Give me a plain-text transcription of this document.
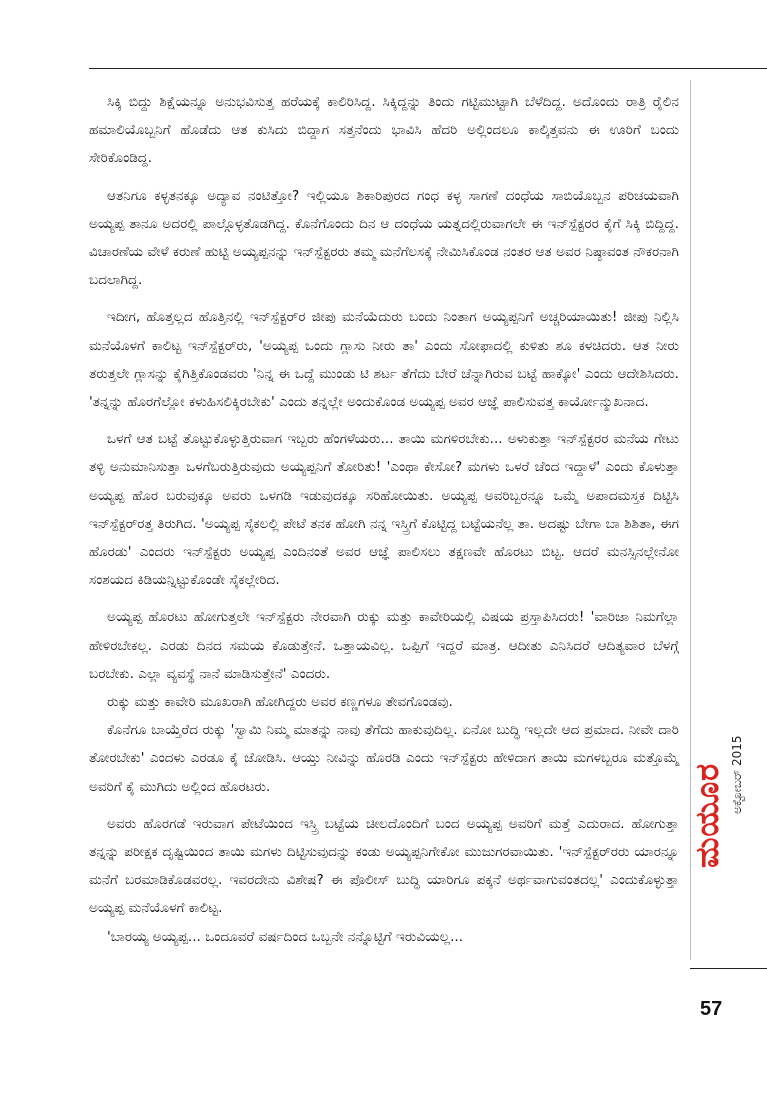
ಸಿಕ್ಕಿ ಬಿದ್ದು ಶಿಕ್ಷೆಯನ್ನೂ ಅನುಭವಿಸುತ್ತ ಹರೆಯಕ್ಕೆ ಕಾಲಿರಿಸಿದ್ದ. ಸಿಕ್ಕಿದ್ದನ್ನು ತಿಂದು ಗಟ್ಟಿಮುಟ್ಟಾಗಿ ಬೆಳೆದಿದ್ದ. ಅದೊಂದು ರಾತ್ರಿ ರೈಲಿನ ಹಮಾಲಿಯೊಬ್ಬನಿಗೆ ಹೊಡೆದು ಆತ ಕುಸಿದು ಬಿದ್ದಾಗ ಸತ್ತನೆಂದು ಭಾವಿಸಿ ಹೆದರಿ ಅಲ್ಲಿಂದಲೂ ಕಾಲ್ಕಿತ್ತವನು ಈ ಊರಿಗೆ ಬಂದು ಸೇರಿಕೊಂಡಿದ್ದ.

ಆತನಿಗೂ ಕಳ್ಳತನಕ್ಕೂ ಅದ್ಯಾವ ನಂಟಿತ್ತೋ? ಇಲ್ಲಿಯೂ ಶಿಕಾರಿಪುರದ ಗಂಧ ಕಳ್ಳ ಸಾಗಣೆ ದಂಧೆಯ ಸಾಬಿಯೊಬ್ಬನ ಪರಿಚಯವಾಗಿ ಅಯ್ಯಪ್ಪ ತಾನೂ ಅದರಲ್ಲಿ ಪಾಲ್ಗೊಳ್ಳತೊಡಗಿದ್ದ. ಕೊನೆಗೊಂದು ದಿನ ಆ ದಂಧೆಯ ಯತ್ನದಲ್ಲಿರುವಾಗಲೇ ಈ ಇನ್‌ಸ್ಪೆಕ್ಟರರ ಕೈಗೆ ಸಿಕ್ಕಿ ಬಿದ್ದಿದ್ದ. ವಿಚಾರಣೆಯ ವೇಳೆ ಕರುಣೆ ಹುಟ್ಟಿ ಅಯ್ಯಪ್ಪನನ್ನು ಇನ್‌ಸ್ಪೆಕ್ಟರರು ತಮ್ಮ ಮನೆಗೆಲಸಕ್ಕೆ ನೇಮಿಸಿಕೊಂಡ ನಂತರ ಆತ ಅವರ ನಿಷ್ಠಾವಂತ ನೌಕರನಾಗಿ ಬದಲಾಗಿದ್ದ.

ಇದೀಗ, ಹೊತ್ತಲ್ಲದ ಹೊತ್ತಿನಲ್ಲಿ ಇನ್‌ಸ್ಪೆಕ್ಟರ್‌ರ ಜೀಪು ಮನೆಯೆದುರು ಬಂದು ನಿಂತಾಗ ಅಯ್ಯಪ್ಪನಿಗೆ ಅಚ್ಚರಿಯಾಯಿತು! ಜೀಪು ನಿಲ್ಲಿಸಿ ಮನೆಯೊಳಗೆ ಕಾಲಿಟ್ಟ ಇನ್‌ಸ್ಪೆಕ್ಟರ್‌ರು, 'ಅಯ್ಯಪ್ಪ ಒಂದು ಗ್ಲಾಸು ನೀರು ತಾ' ಎಂದು ಸೋಫಾದಲ್ಲಿ ಕುಳಿತು ಶೂ ಕಳಚಿದರು. ಆತ ನೀರು ತರುತ್ತಲೇ ಗ್ಲಾಸನ್ನು ಕೈಗಿತ್ತಿಕೊಂಡವರು 'ನಿನ್ನ ಈ ಒದ್ದೆ ಮುಂಡು ಟಿ ಶರ್ಟ ತೆಗೆದು ಬೇರೆ ಚೆನ್ನಾಗಿರುವ ಬಟ್ಟೆ ಹಾಕ್ಕೋ' ಎಂದು ಆದೇಶಿಸಿದರು. 'ತನ್ನನ್ನು ಹೊರಗೆಲ್ಲೋ ಕಳುಹಿಸಲಿಕ್ಕಿರಬೇಕು' ಎಂದು ತನ್ನಲ್ಲೇ ಅಂದುಕೊಂಡ ಅಯ್ಯಪ್ಪ ಅವರ ಆಜ್ಞೆ ಪಾಲಿಸುವತ್ತ ಕಾರ್ಯೋನ್ಮುಖನಾದ.

ಒಳಗೆ ಆತ ಬಟ್ಟೆ ತೊಟ್ಟುಕೊಳ್ಳುತ್ತಿರುವಾಗ ಇಬ್ಬರು ಹೆಂಗಳೆಯರು... ತಾಯಿ ಮಗಳಿರಬೇಕು... ಅಳುಕುತ್ತಾ ಇನ್‌ಸ್ಪೆಕ್ಟರರ ಮನೆಯ ಗೇಟು ತಳ್ಳಿ ಅನುಮಾನಿಸುತ್ತಾ ಒಳಗೆಬರುತ್ತಿರುವುದು ಅಯ್ಯಪ್ಪನಿಗೆ ತೋರಿತು! 'ಎಂಥಾ ಕೇಸೋ? ಮಗಳು ಒಳರೆ ಚೆಂದ ಇದ್ದಾಳೆ' ಎಂದು ಕೊಳುತ್ತಾ ಅಯ್ಯಪ್ಪ ಹೊರ ಬರುವುಕ್ಕೂ ಅವರು ಒಳಗಡಿ ಇಡುವುದಕ್ಕೂ ಸರಿಹೋಯಿತು. ಅಯ್ಯಪ್ಪ ಅವರಿಬ್ಬರನ್ನೂ ಒಮ್ಮೆ ಅಪಾದಮಸ್ತಕ ದಿಟ್ಟಿಸಿ ಇನ್‌ಸ್ಪೆಕ್ಟರ್‌ರತ್ತ ತಿರುಗಿದ. 'ಅಯ್ಯಪ್ಪ ಸೈಕಲಲ್ಲಿ ಪೇಟೆ ತನಕ ಹೋಗಿ ನನ್ನ ಇಸ್ತ್ರಿಗೆ ಕೊಟ್ಟಿದ್ದ ಬಟ್ಟೆಯನೆಲ್ಲ ತಾ. ಅದಷ್ಟು ಬೇಗಾ ಬಾ ಶಿಶಿತಾ, ಈಗ ಹೊರಡು' ಎಂದರು ಇನ್‌ಸ್ಪೆಕ್ಟರು ಅಯ್ಯಪ್ಪ ಎಂದಿನಂತೆ ಅವರ ಆಜ್ಞೆ ಪಾಲಿಸಲು ತಕ್ಷಣವೇ ಹೊರಟು ಬಿಟ್ಟ. ಆದರೆ ಮನಸ್ಸಿನಲ್ಲೇನೋ ಸಂಶಯದ ಕಿಡಿಯನ್ನಿಟ್ಟುಕೊಂಡೇ ಸೈಕಲ್ಲೇರಿದ.

ಅಯ್ಯಪ್ಪ ಹೊರಟು ಹೋಗುತ್ತಲೇ ಇನ್‌ಸ್ಪೆಕ್ಟರು ನೇರವಾಗಿ ರುಕ್ಕು ಮತ್ತು ಕಾವೇರಿಯಲ್ಲಿ ವಿಷಯ ಪ್ರಸ್ತಾಪಿಸಿದರು! 'ವಾರಿಜಾ ನಿಮಗೆಲ್ಲಾ ಹೇಳಿರಬೇಕಲ್ಲ. ಎರಡು ದಿನದ ಸಮಯ ಕೊಡುತ್ತೇನೆ. ಒತ್ತಾಯವಿಲ್ಲ. ಒಪ್ಪಿಗೆ ಇದ್ದರೆ ಮಾತ್ರ. ಆದೀತು ಎನಿಸಿದರೆ ಆದಿತ್ಯವಾರ ಬೆಳಗ್ಗೆ ಬರಬೇಕು. ಎಲ್ಲಾ ವ್ಯವಸ್ಥೆ ನಾನೆ ಮಾಡಿಸುತ್ತೇನೆ' ಎಂದರು.

ರುಕ್ಕು ಮತ್ತು ಕಾವೇರಿ ಮೂಖರಾಗಿ ಹೋಗಿದ್ದರು ಅವರ ಕಣ್ಣಗಳೂ ತೇವಗೊಂಡವು.

ಕೊನೆಗೂ ಬಾಯ್ತೆರೆದ ರುಕ್ಕು 'ಸ್ವಾಮಿ ನಿಮ್ಮ ಮಾತನ್ನು ನಾವು ತೆಗೆದು ಹಾಕುವುದಿಲ್ಲ. ಏನೋ ಬುದ್ಧಿ ಇಲ್ಲದೇ ಆದ ಪ್ರಮಾದ. ನೀವೇ ದಾರಿ ತೋರಬೇಕು' ಎಂದಳು ಎರಡೂ ಕೈ ಜೋಡಿಸಿ. ಆಯ್ತು ನೀವಿನ್ನು ಹೊರಡಿ ಎಂದು ಇನ್‌ಸ್ಪೆಕ್ಟರು ಹೇಳಿದಾಗ ತಾಯಿ ಮಗಳಬ್ಬರೂ ಮತ್ತೊಮ್ಮೆ ಅವರಿಗೆ ಕೈ ಮುಗಿದು ಅಲ್ಲಿಂದ ಹೊರಟರು.

ಅವರು ಹೊರಗಡೆ ಇರುವಾಗ ಪೇಟೆಯಿಂದ ಇಸ್ತ್ರಿ ಬಟ್ಟೆಯ ಚೀಲದೊಂದಿಗೆ ಬಂದ ಅಯ್ಯಪ್ಪ ಅವರಿಗೆ ಮತ್ತೆ ಎದುರಾದ. ಹೋಗುತ್ತಾ ತನ್ನನ್ನು ಪರೀಕ್ಷಕ ದೃಷ್ಟಿಯಿಂದ ತಾಯಿ ಮಗಳು ದಿಟ್ಟಿಸುವುದನ್ನು ಕಂಡು ಅಯ್ಯಪ್ಪನಿಗೇಕೋ ಮುಜುಗರವಾಯಿತು. 'ಇನ್‌ಸ್ಪೆಕ್ಟರ್‌ರರು ಯಾರನ್ನೂ ಮನೆಗೆ ಬರಮಾಡಿಕೊಡವರಲ್ಲ. ಇವರದೇನು ವಿಶೇಷ? ಈ ಪೊಲೀಸ್ ಬುದ್ಧಿ ಯಾರಿಗೂ ಪಕ್ಕನೆ ಅರ್ಥವಾಗುವಂತದಲ್ಲ' ಎಂದುಕೊಳ್ಳುತ್ತಾ ಅಯ್ಯಪ್ಪ ಮನೆಯೊಳಗೆ ಕಾಲಿಟ್ಟ.

'ಬಾರಯ್ಯ ಅಯ್ಯಪ್ಪ... ಒಂದೂವರೆ ವರ್ಷದಿಂದ ಒಬ್ಬನೇ ನನ್ನೊಟ್ಟಿಗೆ ಇರುವಿಯಲ್ಲ...

ಮಯೂರ ಅಕ್ಟೋಬರ್ 2015
57
